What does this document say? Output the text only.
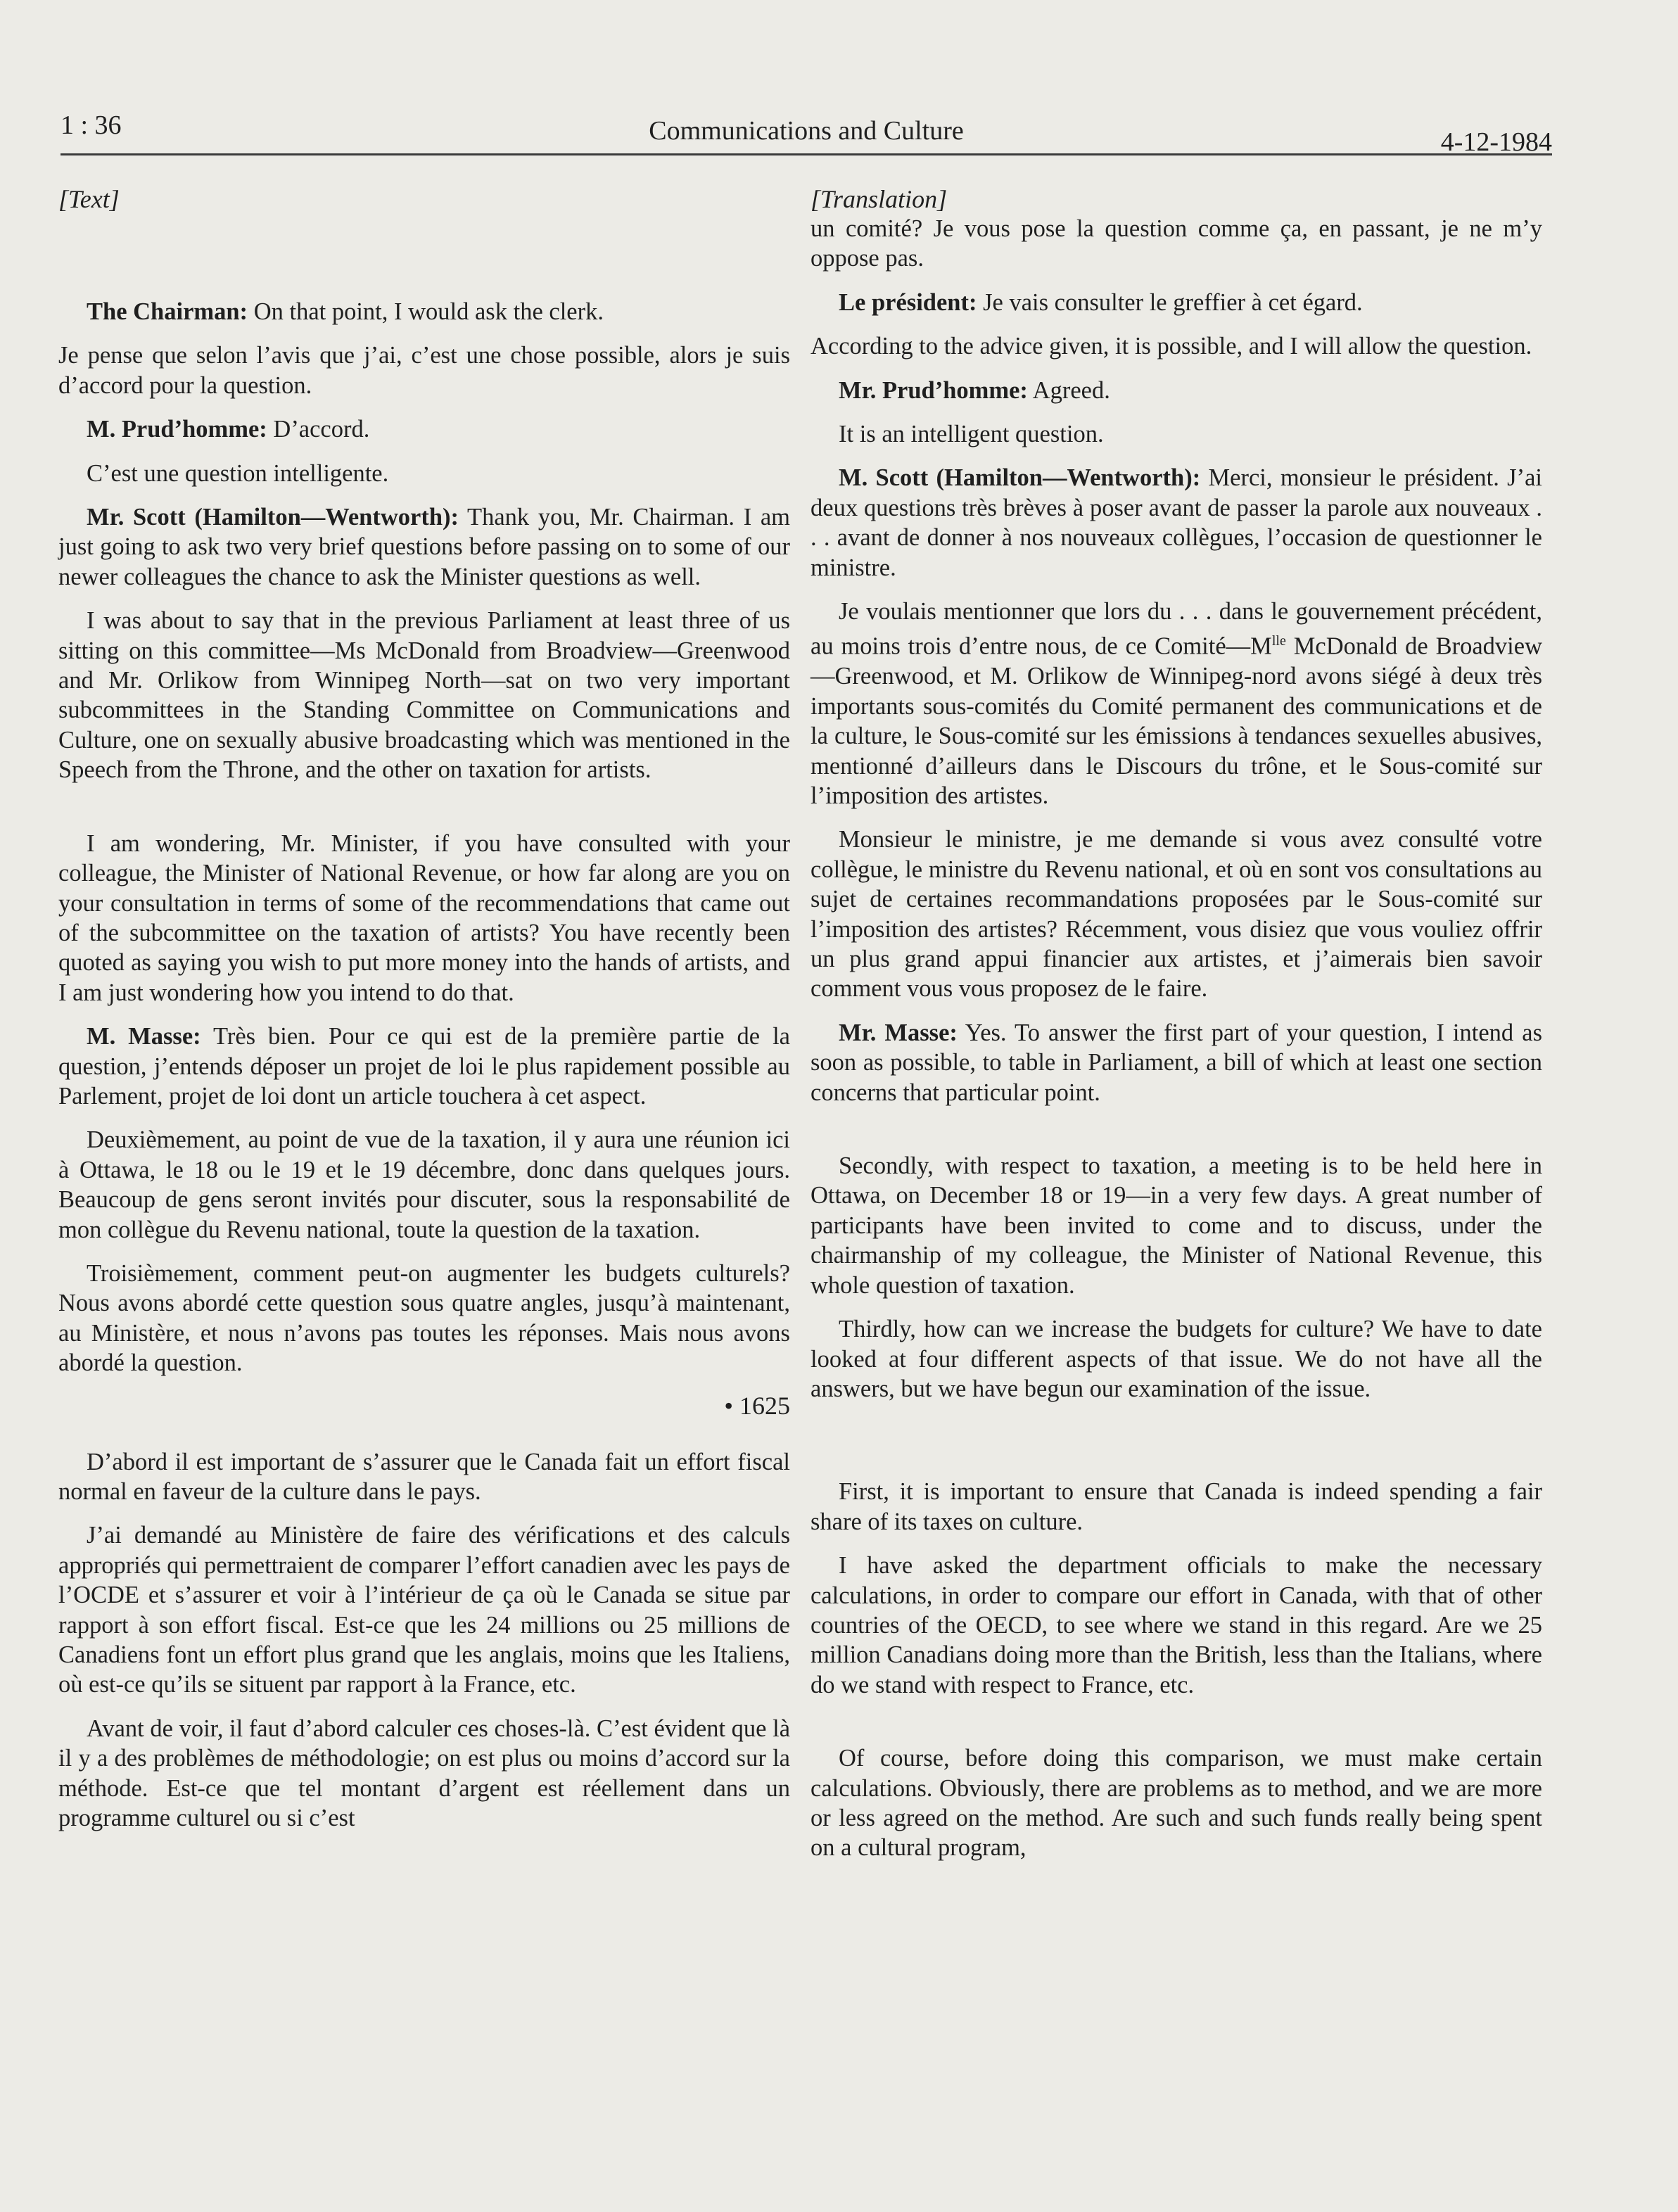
1 : 36	Communications and Culture	4-12-1984

[Text]

The Chairman: On that point, I would ask the clerk.

Je pense que selon l’avis que j’ai, c’est une chose possible, alors je suis d’accord pour la question.

M. Prud’homme: D’accord.

C’est une question intelligente.

Mr. Scott (Hamilton—Wentworth): Thank you, Mr. Chairman. I am just going to ask two very brief questions before passing on to some of our newer colleagues the chance to ask the Minister questions as well.

I was about to say that in the previous Parliament at least three of us sitting on this committee—Ms McDonald from Broadview—Greenwood and Mr. Orlikow from Winnipeg North—sat on two very important subcommittees in the Standing Committee on Communications and Culture, one on sexually abusive broadcasting which was mentioned in the Speech from the Throne, and the other on taxation for artists.

I am wondering, Mr. Minister, if you have consulted with your colleague, the Minister of National Revenue, or how far along are you on your consultation in terms of some of the recommendations that came out of the subcommittee on the taxation of artists? You have recently been quoted as saying you wish to put more money into the hands of artists, and I am just wondering how you intend to do that.

M. Masse: Très bien. Pour ce qui est de la première partie de la question, j’entends déposer un projet de loi le plus rapidement possible au Parlement, projet de loi dont un article touchera à cet aspect.

Deuxièmement, au point de vue de la taxation, il y aura une réunion ici à Ottawa, le 18 ou le 19 et le 19 décembre, donc dans quelques jours. Beaucoup de gens seront invités pour discuter, sous la responsabilité de mon collègue du Revenu national, toute la question de la taxation.

Troisièmement, comment peut-on augmenter les budgets culturels? Nous avons abordé cette question sous quatre angles, jusqu’à maintenant, au Ministère, et nous n’avons pas toutes les réponses. Mais nous avons abordé la question.

• 1625

D’abord il est important de s’assurer que le Canada fait un effort fiscal normal en faveur de la culture dans le pays.

J’ai demandé au Ministère de faire des vérifications et des calculs appropriés qui permettraient de comparer l’effort canadien avec les pays de l’OCDE et s’assurer et voir à l’intérieur de ça où le Canada se situe par rapport à son effort fiscal. Est-ce que les 24 millions ou 25 millions de Canadiens font un effort plus grand que les anglais, moins que les Italiens, où est-ce qu’ils se situent par rapport à la France, etc.

Avant de voir, il faut d’abord calculer ces choses-là. C’est évident que là il y a des problèmes de méthodologie; on est plus ou moins d’accord sur la méthode. Est-ce que tel montant d’argent est réellement dans un programme culturel ou si c’est

[Translation]

un comité? Je vous pose la question comme ça, en passant, je ne m’y oppose pas.

Le président: Je vais consulter le greffier à cet égard.

According to the advice given, it is possible, and I will allow the question.

Mr. Prud’homme: Agreed.

It is an intelligent question.

M. Scott (Hamilton—Wentworth): Merci, monsieur le président. J’ai deux questions très brèves à poser avant de passer la parole aux nouveaux . . . avant de donner à nos nouveaux collègues, l’occasion de questionner le ministre.

Je voulais mentionner que lors du . . . dans le gouvernement précédent, au moins trois d’entre nous, de ce $Comité—M^{lle}$ McDonald de Broadview—Greenwood, et M. Orlikow de Winnipeg-nord avons siégé à deux très importants sous-comités du Comité permanent des communications et de la culture, le Sous-comité sur les émissions à tendances sexuelles abusives, mentionné d’ailleurs dans le Discours du trône, et le Sous-comité sur l’imposition des artistes.

Monsieur le ministre, je me demande si vous avez consulté votre collègue, le ministre du Revenu national, et où en sont vos consultations au sujet de certaines recommandations proposées par le Sous-comité sur l’imposition des artistes? Récemment, vous disiez que vous vouliez offrir un plus grand appui financier aux artistes, et j’aimerais bien savoir comment vous vous proposez de le faire.

Mr. Masse: Yes. To answer the first part of your question, I intend as soon as possible, to table in Parliament, a bill of which at least one section concerns that particular point.

Secondly, with respect to taxation, a meeting is to be held here in Ottawa, on December 18 or 19—in a very few days. A great number of participants have been invited to come and to discuss, under the chairmanship of my colleague, the Minister of National Revenue, this whole question of taxation.

Thirdly, how can we increase the budgets for culture? We have to date looked at four different aspects of that issue. We do not have all the answers, but we have begun our examination of the issue.

First, it is important to ensure that Canada is indeed spending a fair share of its taxes on culture.

I have asked the department officials to make the necessary calculations, in order to compare our effort in Canada, with that of other countries of the OECD, to see where we stand in this regard. Are we 25 million Canadians doing more than the British, less than the Italians, where do we stand with respect to France, etc.

Of course, before doing this comparison, we must make certain calculations. Obviously, there are problems as to method, and we are more or less agreed on the method. Are such and such funds really being spent on a cultural program,
